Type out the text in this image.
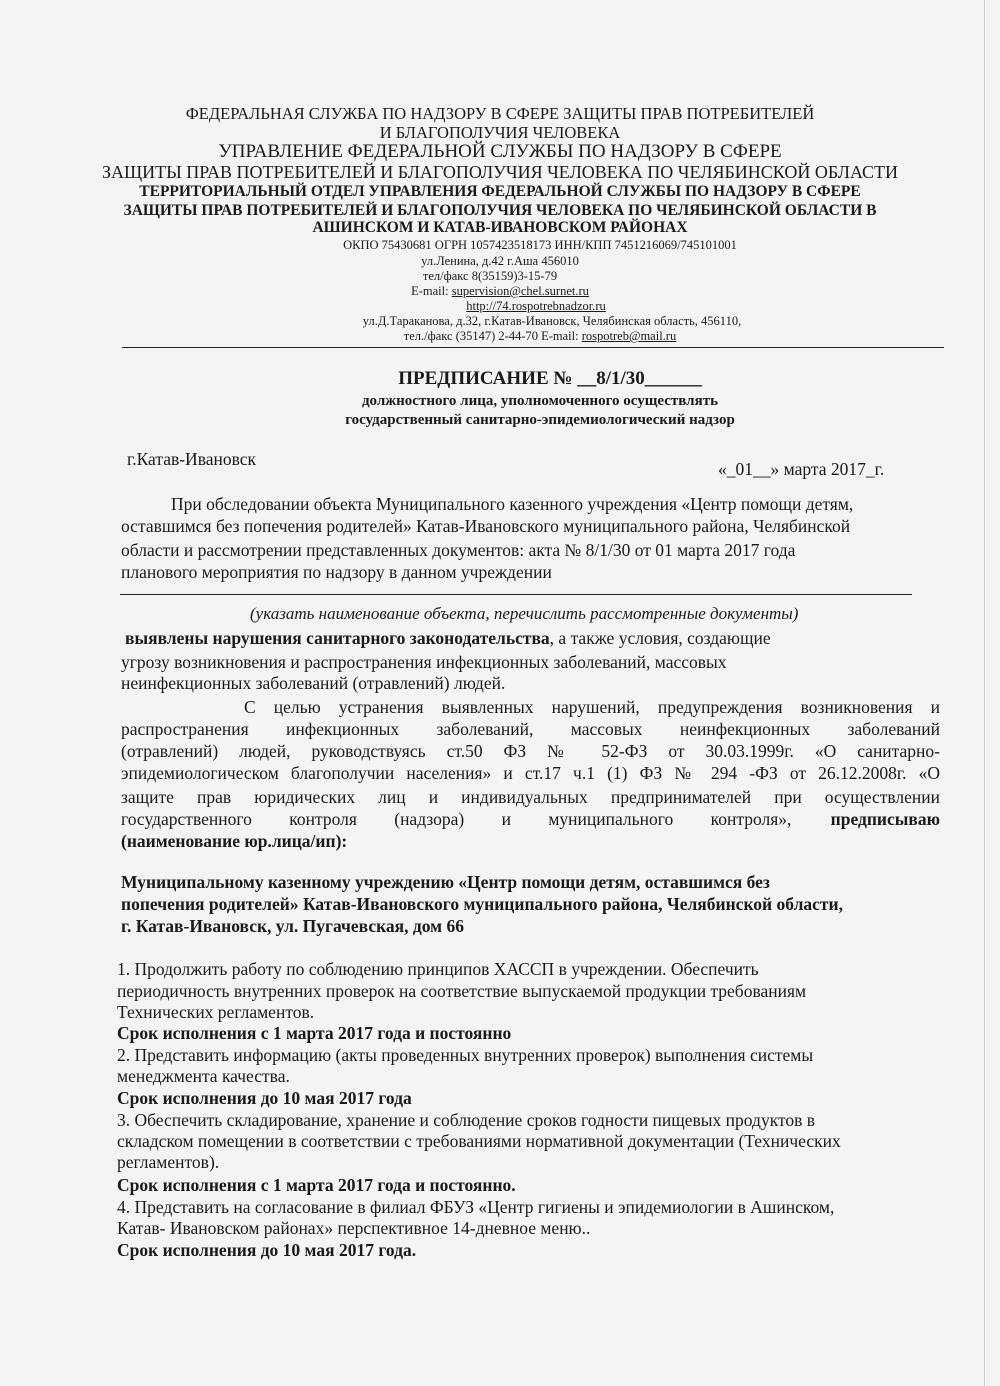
ФЕДЕРАЛЬНАЯ СЛУЖБА ПО НАДЗОРУ В СФЕРЕ ЗАЩИТЫ ПРАВ ПОТРЕБИТЕЛЕЙ
И БЛАГОПОЛУЧИЯ ЧЕЛОВЕКА
УПРАВЛЕНИЕ ФЕДЕРАЛЬНОЙ СЛУЖБЫ ПО НАДЗОРУ В СФЕРЕ
ЗАЩИТЫ ПРАВ ПОТРЕБИТЕЛЕЙ И БЛАГОПОЛУЧИЯ ЧЕЛОВЕКА ПО ЧЕЛЯБИНСКОЙ ОБЛАСТИ
ТЕРРИТОРИАЛЬНЫЙ ОТДЕЛ УПРАВЛЕНИЯ ФЕДЕРАЛЬНОЙ СЛУЖБЫ ПО НАДЗОРУ В СФЕРЕ
ЗАЩИТЫ ПРАВ ПОТРЕБИТЕЛЕЙ И БЛАГОПОЛУЧИЯ ЧЕЛОВЕКА ПО ЧЕЛЯБИНСКОЙ ОБЛАСТИ В
АШИНСКОМ И КАТАВ-ИВАНОВСКОМ РАЙОНАХ
ОКПО 75430681 ОГРН 1057423518173 ИНН/КПП 7451216069/745101001
ул.Ленина, д.42 г.Аша 456010
тел/факс 8(35159)3-15-79
E-mail: supervision@chel.surnet.ru
http://74.rospotrebnadzor.ru
ул.Д.Тараканова, д.32, г.Катав-Ивановск, Челябинская область, 456110,
тел./факс (35147) 2-44-70 E-mail: rospotreb@mail.ru
ПРЕДПИСАНИЕ № __8/1/30______
должностного лица, уполномоченного осуществлять
государственный санитарно-эпидемиологический надзор
г.Катав-Ивановск	«_01__» марта 2017_г.
При обследовании объекта Муниципального казенного учреждения «Центр помощи детям,
оставшимся без попечения родителей» Катав-Ивановского муниципального района, Челябинской
области и рассмотрении представленных документов: акта № 8/1/30 от 01 марта 2017 года
планового мероприятия по надзору в данном учреждении
(указать наименование объекта, перечислить рассмотренные документы)
выявлены нарушения санитарного законодательства, а также условия, создающие
угрозу возникновения и распространения инфекционных заболеваний, массовых
неинфекционных заболеваний (отравлений) людей.
С целью устранения выявленных нарушений, предупреждения возникновения и
распространения инфекционных заболеваний, массовых неинфекционных заболеваний
(отравлений) людей, руководствуясь ст.50 ФЗ № 52-ФЗ от 30.03.1999г. «О санитарно-
эпидемиологическом благополучии населения» и ст.17 ч.1 (1) ФЗ № 294 -ФЗ от 26.12.2008г. «О
защите прав юридических лиц и индивидуальных предпринимателей при осуществлении
государственного контроля (надзора) и муниципального контроля», предписываю
(наименование юр.лица/ип):
Муниципальному казенному учреждению «Центр помощи детям, оставшимся без
попечения родителей» Катав-Ивановского муниципального района, Челябинской области,
г. Катав-Ивановск, ул. Пугачевская, дом 66
1. Продолжить работу по соблюдению принципов ХАССП в учреждении. Обеспечить
периодичность внутренних проверок на соответствие выпускаемой продукции требованиям
Технических регламентов.
Срок исполнения с 1 марта 2017 года и постоянно
2. Представить информацию (акты проведенных внутренних проверок) выполнения системы
менеджмента качества.
Срок исполнения до 10 мая 2017 года
3. Обеспечить складирование, хранение и соблюдение сроков годности пищевых продуктов в
складском помещении в соответствии с требованиями нормативной документации (Технических
регламентов).
Срок исполнения с 1 марта 2017 года и постоянно.
4. Представить на согласование в филиал ФБУЗ «Центр гигиены и эпидемиологии в Ашинском,
Катав- Ивановском районах» перспективное 14-дневное меню..
Срок исполнения до 10 мая 2017 года.
